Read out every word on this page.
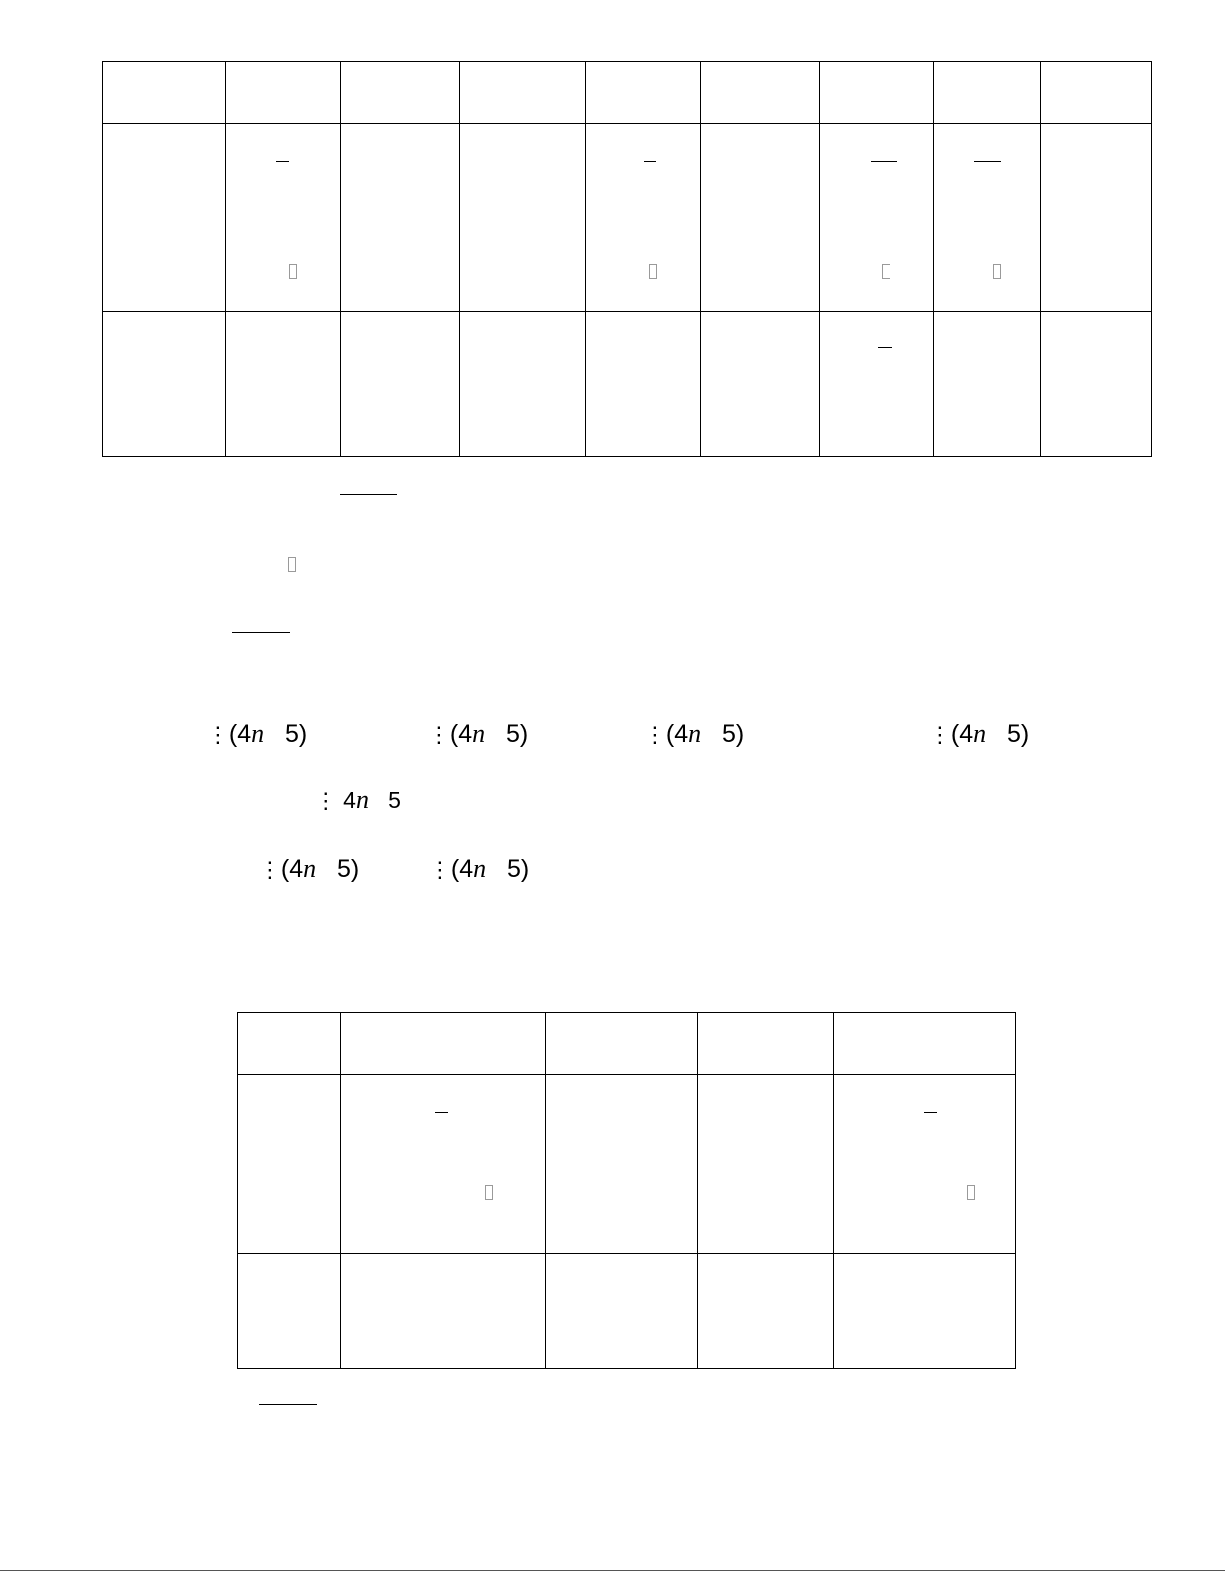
⋮(4n 5)	⋮(4n 5)	⋮(4n 5)	⋮(4n 5)

⋮ 4n 5

⋮(4n 5)	⋮(4n 5)
